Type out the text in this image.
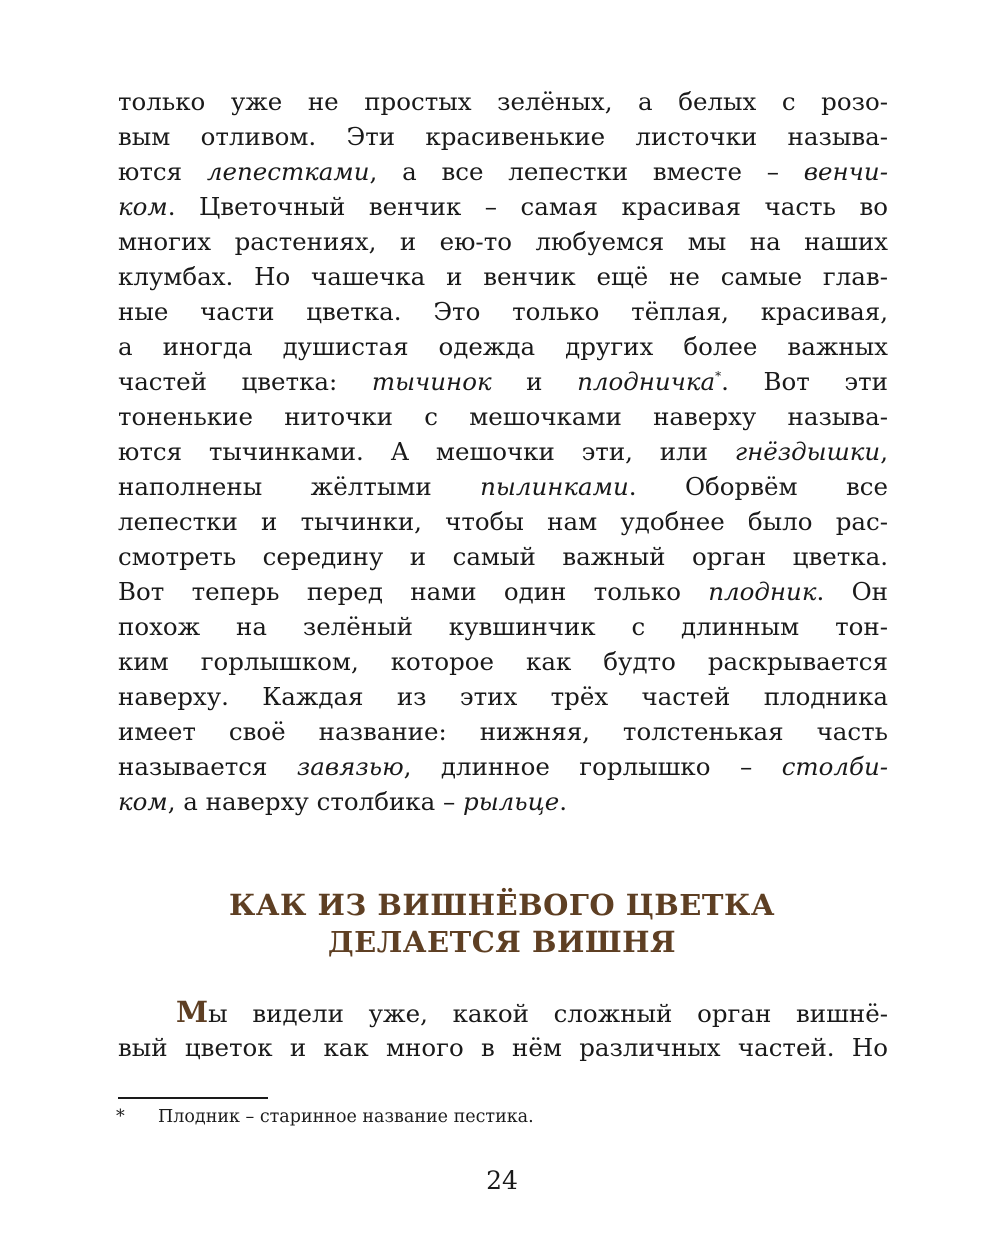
только уже не простых зелёных, а белых с розо-
вым отливом. Эти красивенькие листочки называ-
ются лепестками, а все лепестки вместе – венчи-
ком. Цветочный венчик – самая красивая часть во
многих растениях, и ею-то любуемся мы на наших
клумбах. Но чашечка и венчик ещё не самые глав-
ные части цветка. Это только тёплая, красивая,
а иногда душистая одежда других более важных
частей цветка: тычинок и плодничка*. Вот эти
тоненькие ниточки с мешочками наверху называ-
ются тычинками. А мешочки эти, или гнёздышки,
наполнены жёлтыми пылинками. Оборвём все
лепестки и тычинки, чтобы нам удобнее было рас-
смотреть середину и самый важный орган цветка.
Вот теперь перед нами один только плодник. Он
похож на зелёный кувшинчик с длинным тон-
ким горлышком, которое как будто раскрывается
наверху. Каждая из этих трёх частей плодника
имеет своё название: нижняя, толстенькая часть
называется завязью, длинное горлышко – столби-
ком, а наверху столбика – рыльце.
КАК ИЗ ВИШНЁВОГО ЦВЕТКА
ДЕЛАЕТСЯ ВИШНЯ
Мы видели уже, какой сложный орган вишнё-
вый цветок и как много в нём различных частей. Но
* Плодник – старинное название пестика.
24
